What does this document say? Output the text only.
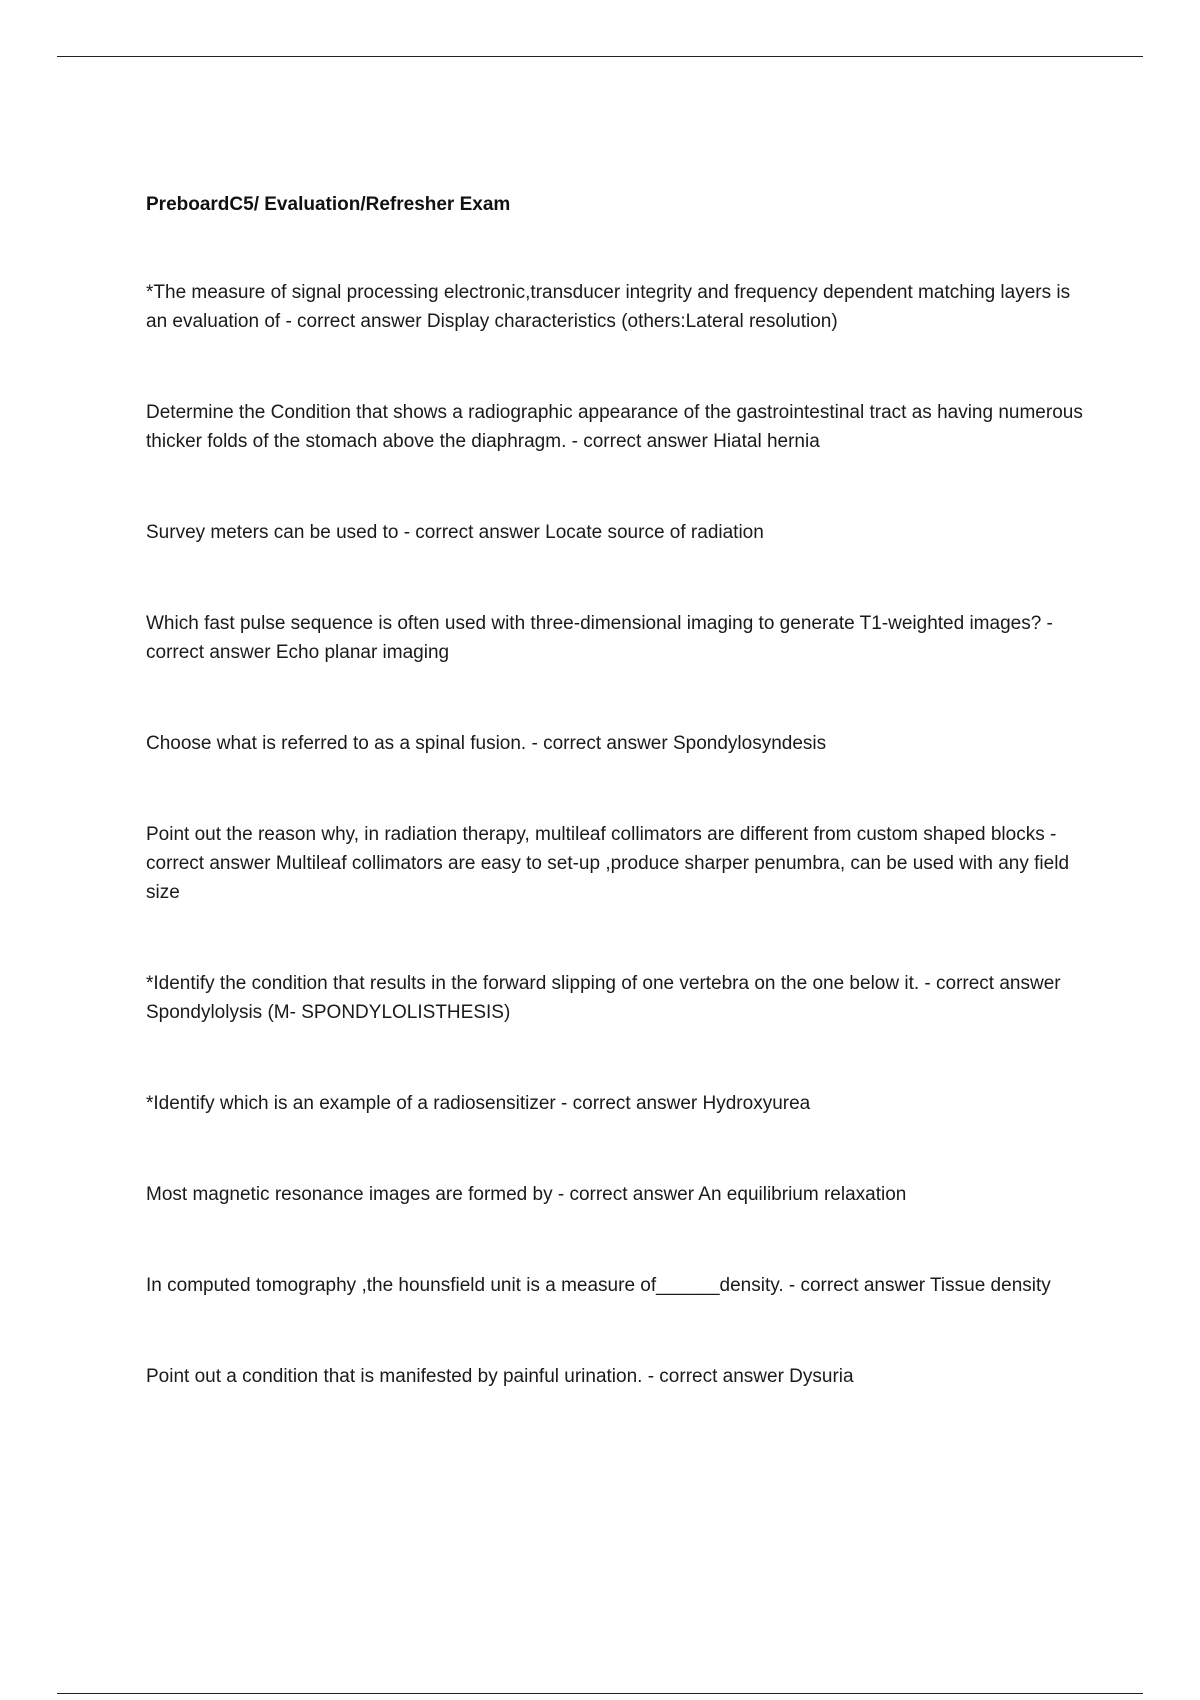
PreboardC5/ Evaluation/Refresher Exam
*The measure of signal processing electronic,transducer integrity and frequency dependent matching layers is an evaluation of - correct answer Display characteristics (others:Lateral resolution)
Determine the Condition that shows a radiographic appearance of the gastrointestinal tract as having numerous thicker folds of the stomach above the diaphragm. - correct answer Hiatal hernia
Survey meters can be used to - correct answer Locate source of radiation
Which fast pulse sequence is often used with three-dimensional imaging to generate T1-weighted images? - correct answer Echo planar imaging
Choose what is referred to as a spinal fusion. - correct answer Spondylosyndesis
Point out the reason why, in radiation therapy, multileaf collimators are different from custom shaped blocks - correct answer Multileaf collimators are easy to set-up ,produce sharper penumbra, can be used with any field size
*Identify the condition that results in the forward slipping of one vertebra on the one below it. - correct answer Spondylolysis (M- SPONDYLOLISTHESIS)
*Identify which is an example of a radiosensitizer - correct answer Hydroxyurea
Most magnetic resonance images are formed by - correct answer An equilibrium relaxation
In computed tomography ,the hounsfield unit is a measure of______density. - correct answer Tissue density
Point out a condition that is manifested by painful urination. - correct answer Dysuria
